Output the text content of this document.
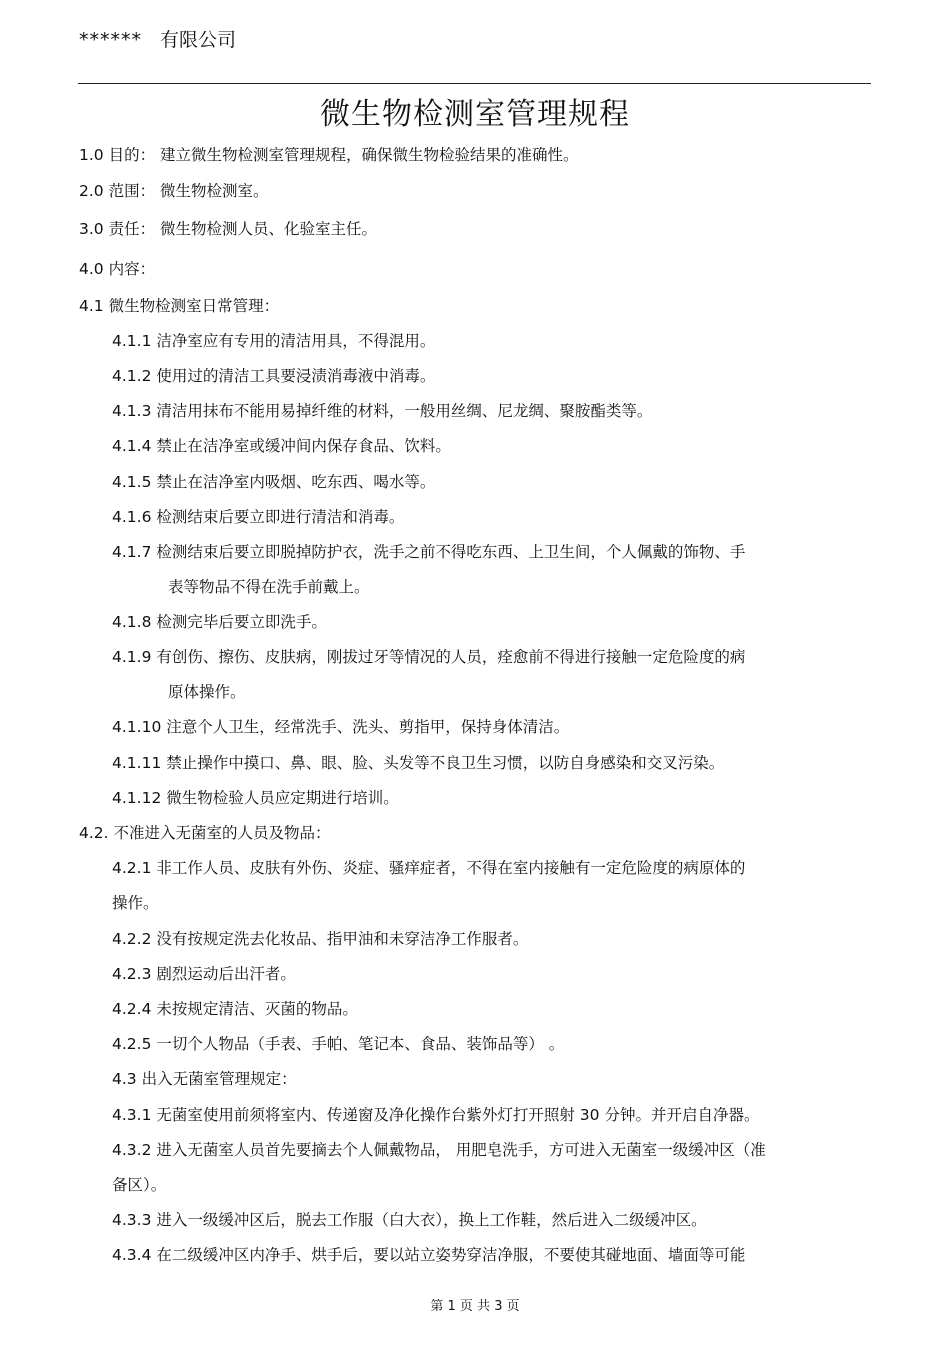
****** 有限公司
微生物检测室管理规程
1.0 目的： 建立微生物检测室管理规程，确保微生物检验结果的准确性。
2.0 范围： 微生物检测室。
3.0 责任： 微生物检测人员、化验室主任。
4.0 内容：
4.1 微生物检测室日常管理：
4.1.1 洁净室应有专用的清洁用具，不得混用。
4.1.2 使用过的清洁工具要浸渍消毒液中消毒。
4.1.3 清洁用抹布不能用易掉纤维的材料，一般用丝绸、尼龙绸、聚胺酯类等。
4.1.4 禁止在洁净室或缓冲间内保存食品、饮料。
4.1.5 禁止在洁净室内吸烟、吃东西、喝水等。
4.1.6 检测结束后要立即进行清洁和消毒。
4.1.7 检测结束后要立即脱掉防护衣，洗手之前不得吃东西、上卫生间，个人佩戴的饰物、手
表等物品不得在洗手前戴上。
4.1.8 检测完毕后要立即洗手。
4.1.9 有创伤、擦伤、皮肤病，刚拔过牙等情况的人员，痊愈前不得进行接触一定危险度的病
原体操作。
4.1.10 注意个人卫生，经常洗手、洗头、剪指甲，保持身体清洁。
4.1.11 禁止操作中摸口、鼻、眼、脸、头发等不良卫生习惯，以防自身感染和交叉污染。
4.1.12 微生物检验人员应定期进行培训。
4.2. 不准进入无菌室的人员及物品：
4.2.1 非工作人员、皮肤有外伤、炎症、骚痒症者，不得在室内接触有一定危险度的病原体的
操作。
4.2.2 没有按规定洗去化妆品、指甲油和未穿洁净工作服者。
4.2.3 剧烈运动后出汗者。
4.2.4 未按规定清洁、灭菌的物品。
4.2.5 一切个人物品（手表、手帕、笔记本、食品、装饰品等） 。
4.3 出入无菌室管理规定：
4.3.1 无菌室使用前须将室内、传递窗及净化操作台紫外灯打开照射 30 分钟。并开启自净器。
4.3.2 进入无菌室人员首先要摘去个人佩戴物品， 用肥皂洗手，方可进入无菌室一级缓冲区（准
备区）。
4.3.3 进入一级缓冲区后，脱去工作服（白大衣），换上工作鞋，然后进入二级缓冲区。
4.3.4 在二级缓冲区内净手、烘手后，要以站立姿势穿洁净服，不要使其碰地面、墙面等可能
第 1 页 共 3 页
